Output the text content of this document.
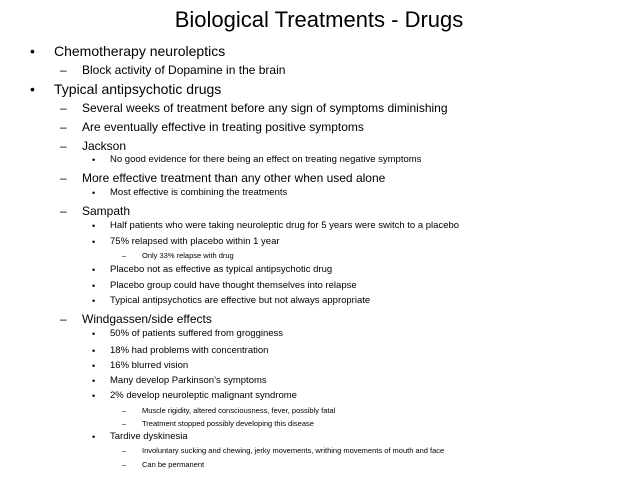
Biological Treatments - Drugs
• Chemotherapy neuroleptics
– Block activity of Dopamine in the brain
• Typical antipsychotic drugs
– Several weeks of treatment before any sign of symptoms diminishing
– Are eventually effective in treating positive symptoms
– Jackson
• No good evidence for there being an effect on treating negative symptoms
– More effective treatment than any other when used alone
• Most effective is combining the treatments
– Sampath
• Half patients who were taking neuroleptic drug for 5 years were switch to a placebo
• 75% relapsed with placebo within 1 year
– Only 33% relapse with drug
• Placebo not as effective as typical antipsychotic drug
• Placebo group could have thought themselves into relapse
• Typical antipsychotics are effective but not always appropriate
– Windgassen/side effects
• 50% of patients suffered from grogginess
• 18% had problems with concentration
• 16% blurred vision
• Many develop Parkinson’s symptoms
• 2% develop neuroleptic malignant syndrome
– Muscle rigidity, altered consciousness, fever, possibly fatal
– Treatment stopped possibly developing this disease
• Tardive dyskinesia
– Involuntary sucking and chewing, jerky movements, writhing movements of mouth and face
– Can be permanent
